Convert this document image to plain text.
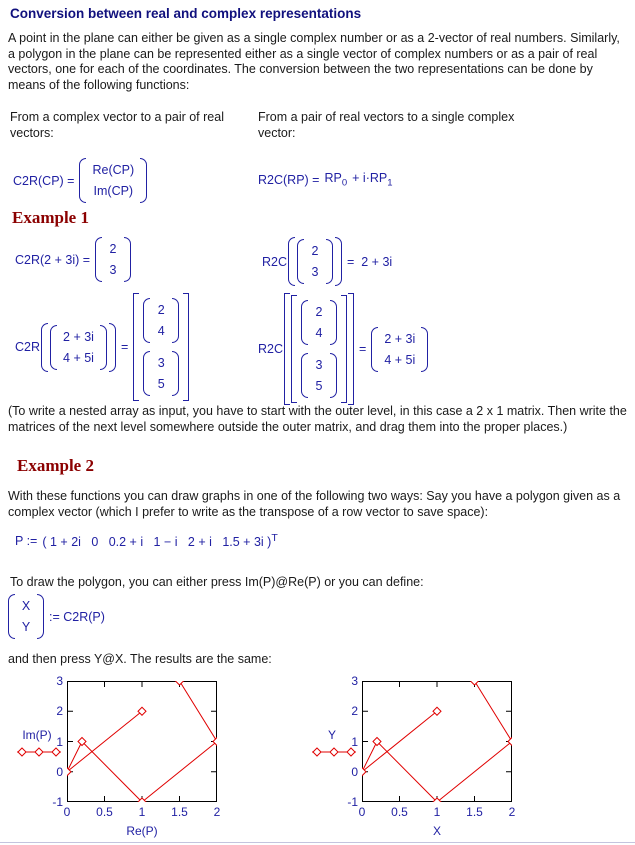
Conversion between real and complex representations
A point in the plane can either be given as a single complex number or as a 2-vector of real numbers. Similarly, a polygon in the plane can be represented either as a single vector of complex numbers or as a pair of real vectors, one for each of the coordinates. The conversion between the two representations can be done by means of the following functions:
From a complex vector to a pair of real vectors:
From a pair of real vectors to a single complex vector:
C2R(CP) =
Re(CP)
Im(CP)
$R2C(RP) = RP_0 + i\cdot RP_1$
Example 1
C2R(2 + 3i) =
2
3
R2C
2
3
=  2 + 3i
C2R
2 + 3i
4 + 5i
=
2
4
3
5
R2C
2
4
3
5
=
2 + 3i
4 + 5i
(To write a nested array as input, you have to start with the outer level, in this case a 2 x 1 matrix. Then write the matrices of the next level somewhere outside the outer matrix, and drag them into the proper places.)
Example 2
With these functions you can draw graphs in one of the following two ways: Say you have a polygon given as a complex vector (which I prefer to write as the transpose of a row vector to save space):
P := ( 1 + 2i   0   0.2 + i   1 − i   2 + i   1.5 + 3i )$^T$
To draw the polygon, you can either press Im(P)@Re(P) or you can define:
X
Y
:= C2R(P)
and then press Y@X. The results are the same:
3
2
1
0
-1
0	0.5	1	1.5	2
Re(P)
Im(P)
3
2
1
0
-1
0	0.5	1	1.5	2
X
Y
